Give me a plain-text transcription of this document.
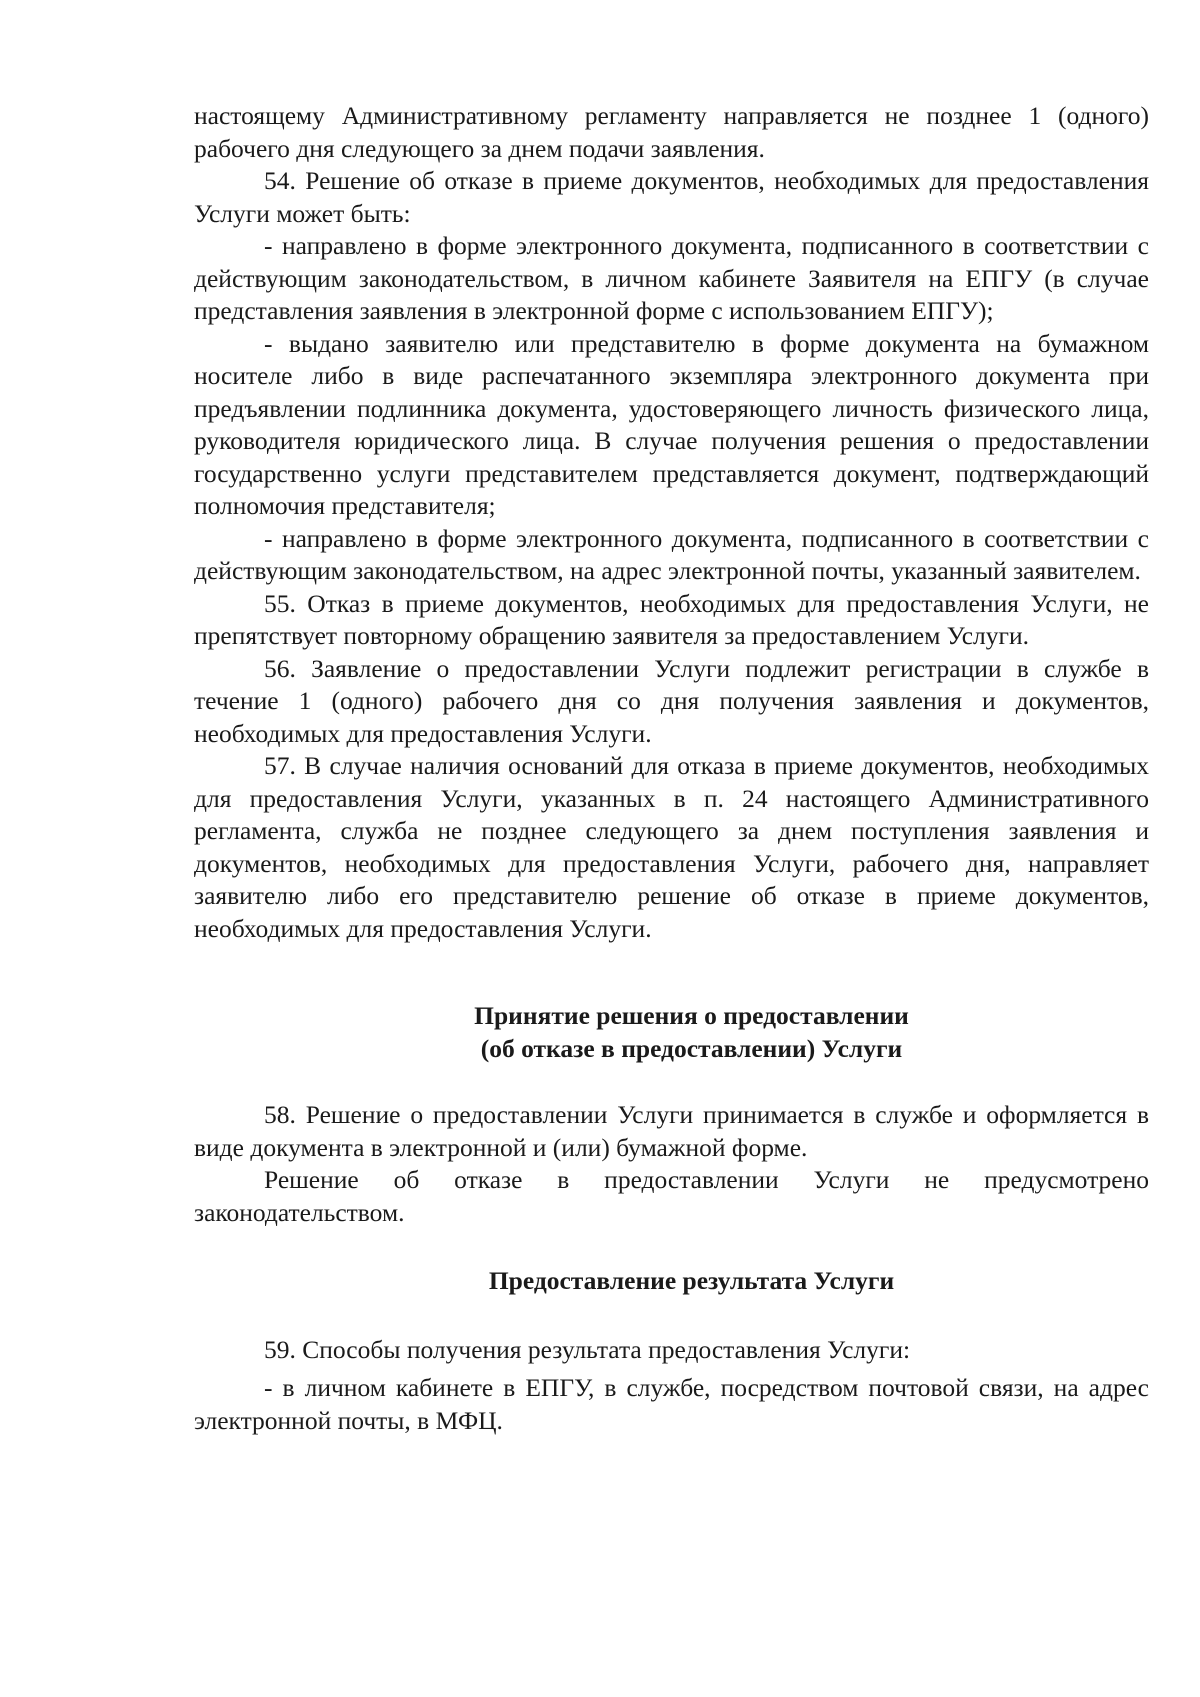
настоящему Административному регламенту направляется не позднее 1 (одного) рабочего дня следующего за днем подачи заявления.

54. Решение об отказе в приеме документов, необходимых для предоставления Услуги может быть:

- направлено в форме электронного документа, подписанного в соответствии с действующим законодательством, в личном кабинете Заявителя на ЕПГУ (в случае представления заявления в электронной форме с использованием ЕПГУ);

- выдано заявителю или представителю в форме документа на бумажном носителе либо в виде распечатанного экземпляра электронного документа при предъявлении подлинника документа, удостоверяющего личность физического лица, руководителя юридического лица. В случае получения решения о предоставлении государственно услуги представителем представляется документ, подтверждающий полномочия представителя;

- направлено в форме электронного документа, подписанного в соответствии с действующим законодательством, на адрес электронной почты, указанный заявителем.

55. Отказ в приеме документов, необходимых для предоставления Услуги, не препятствует повторному обращению заявителя за предоставлением Услуги.

56. Заявление о предоставлении Услуги подлежит регистрации в службе в течение 1 (одного) рабочего дня со дня получения заявления и документов, необходимых для предоставления Услуги.

57. В случае наличия оснований для отказа в приеме документов, необходимых для предоставления Услуги, указанных в п. 24 настоящего Административного регламента, служба не позднее следующего за днем поступления заявления и документов, необходимых для предоставления Услуги, рабочего дня, направляет заявителю либо его представителю решение об отказе в приеме документов, необходимых для предоставления Услуги.

Принятие решения о предоставлении
(об отказе в предоставлении) Услуги

58. Решение о предоставлении Услуги принимается в службе и оформляется в виде документа в электронной и (или) бумажной форме.

Решение об отказе в предоставлении Услуги не предусмотрено законодательством.

Предоставление результата Услуги

59. Способы получения результата предоставления Услуги:

- в личном кабинете в ЕПГУ, в службе, посредством почтовой связи, на адрес электронной почты, в МФЦ.
